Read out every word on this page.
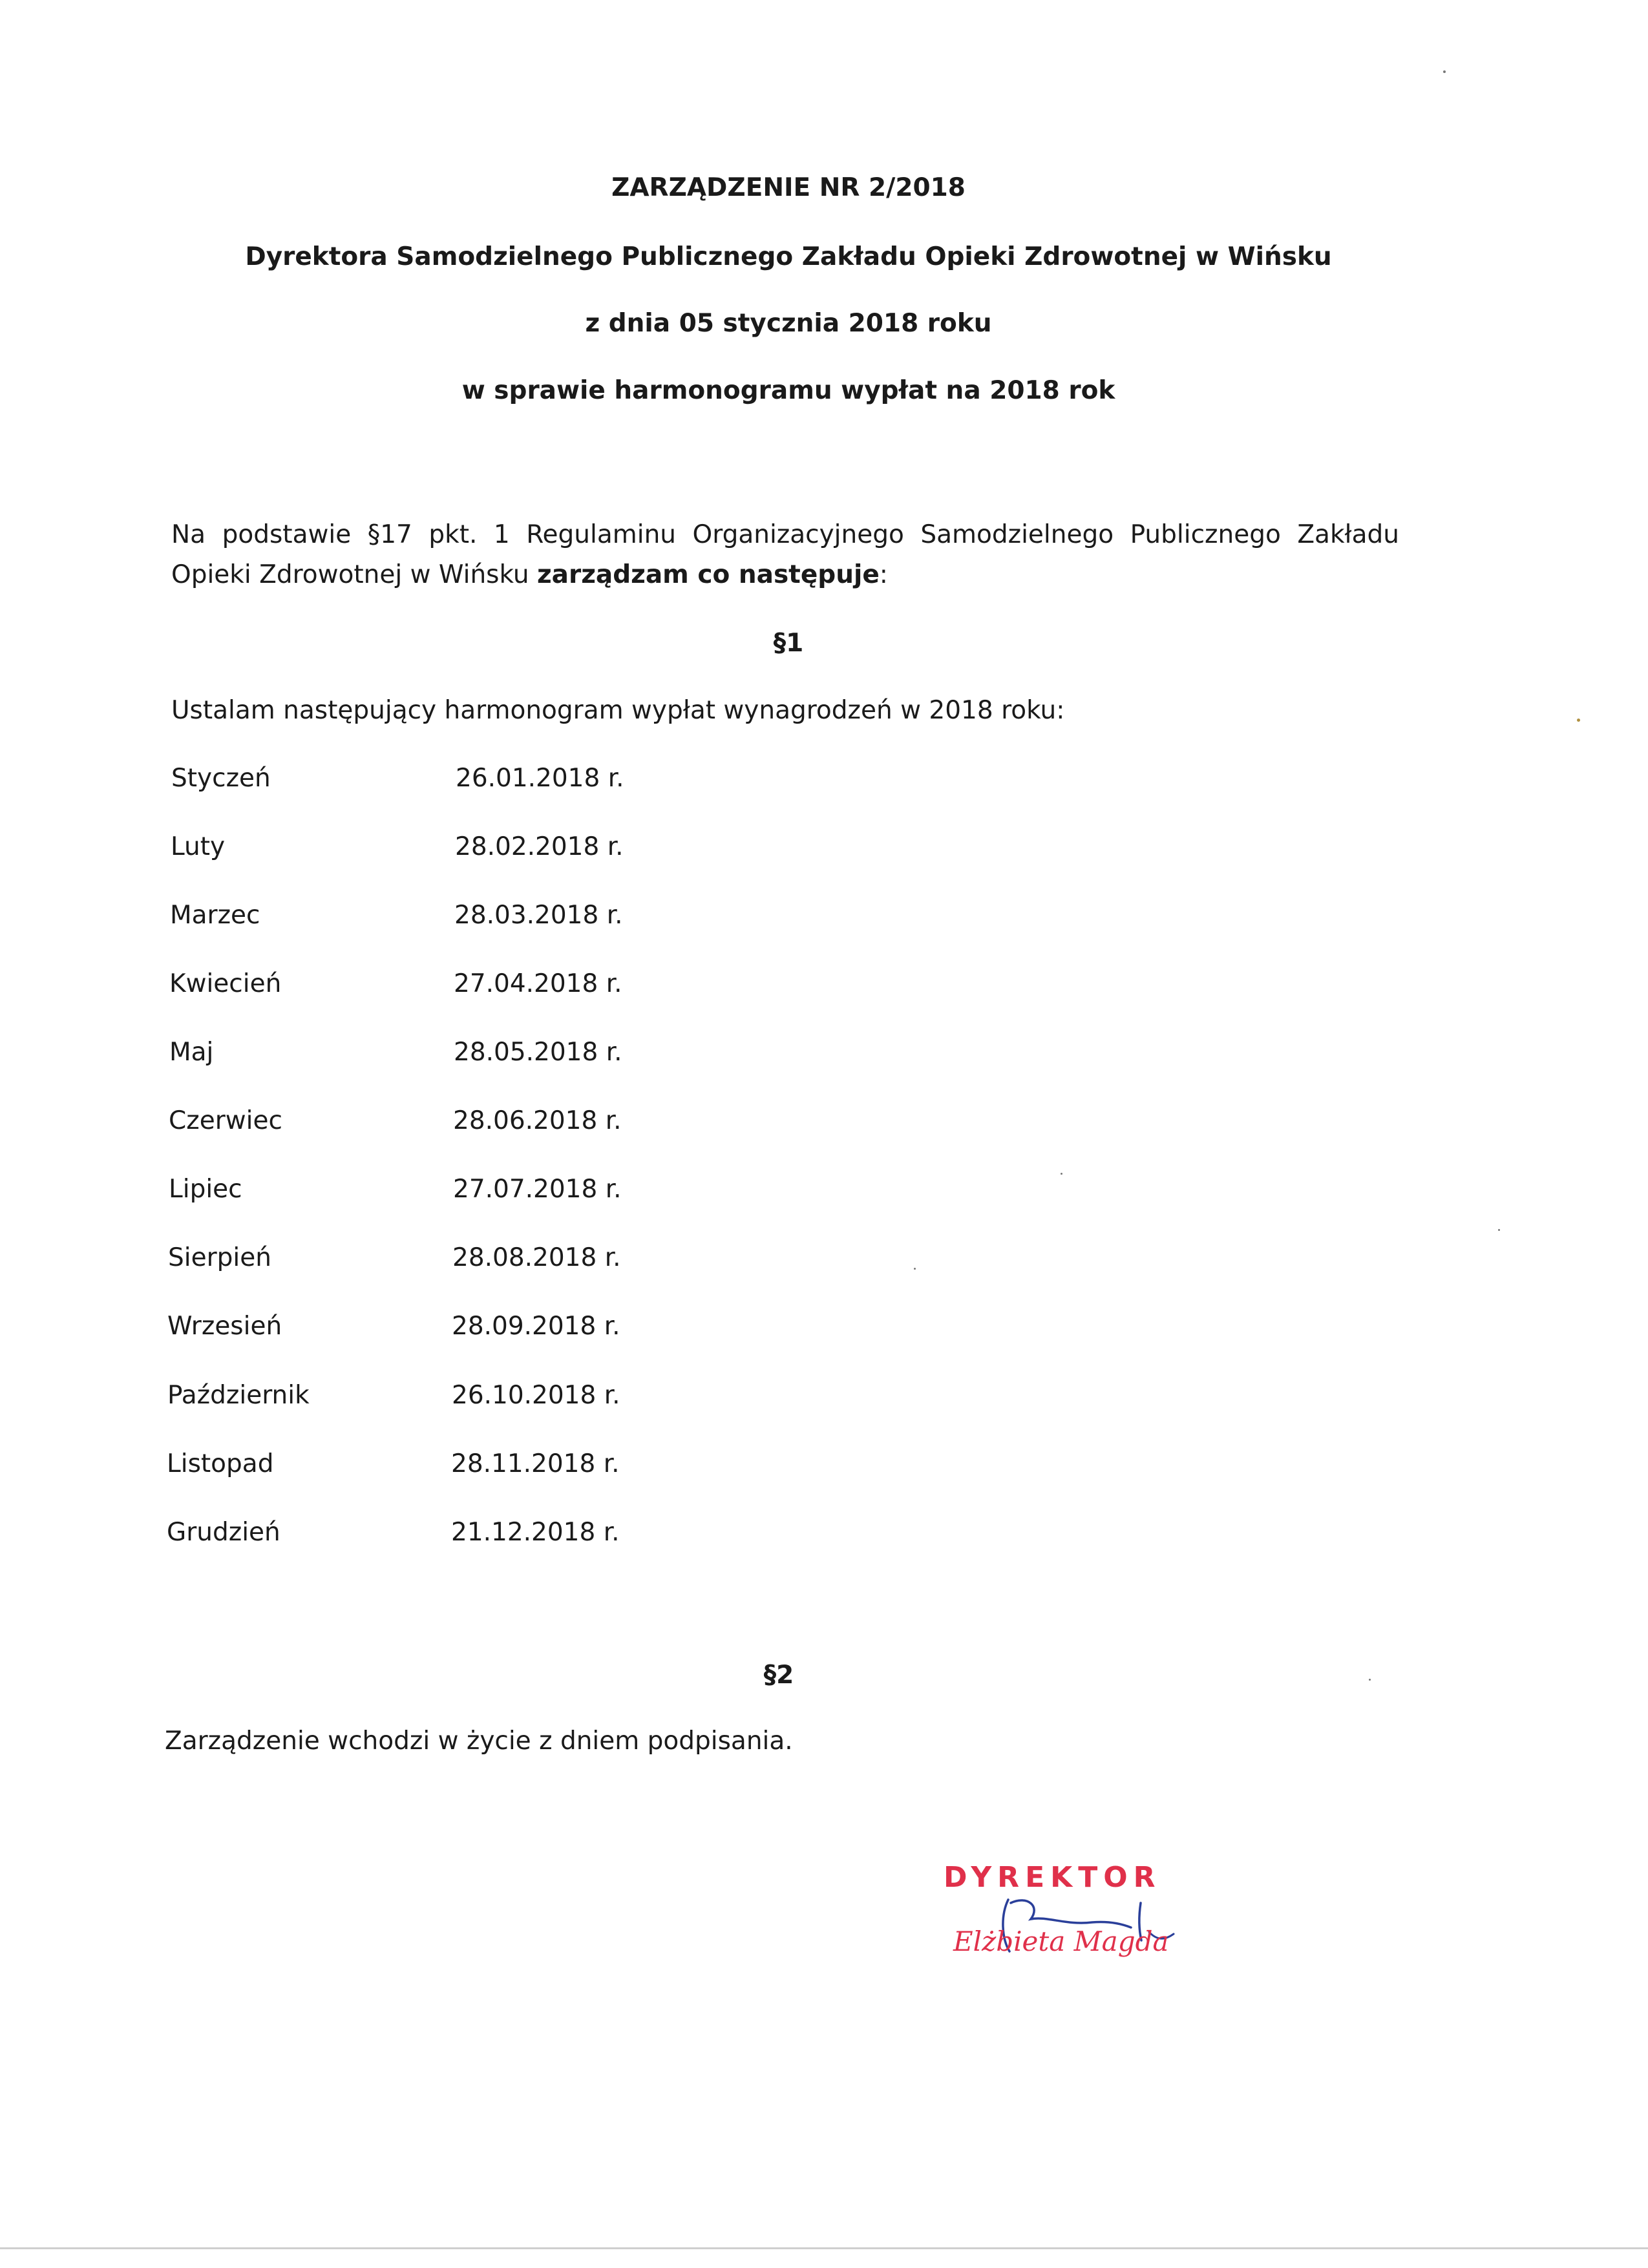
ZARZĄDZENIE NR 2/2018
Dyrektora Samodzielnego Publicznego Zakładu Opieki Zdrowotnej w Wińsku
z dnia 05 stycznia 2018 roku
w sprawie harmonogramu wypłat na 2018 rok
Na podstawie §17 pkt. 1 Regulaminu Organizacyjnego Samodzielnego Publicznego Zakładu Opieki Zdrowotnej w Wińsku zarządzam co następuje:
§1
Ustalam następujący harmonogram wypłat wynagrodzeń w 2018 roku:
Styczeń	26.01.2018 r.
Luty	28.02.2018 r.
Marzec	28.03.2018 r.
Kwiecień	27.04.2018 r.
Maj	28.05.2018 r.
Czerwiec	28.06.2018 r.
Lipiec	27.07.2018 r.
Sierpień	28.08.2018 r.
Wrzesień	28.09.2018 r.
Październik	26.10.2018 r.
Listopad	28.11.2018 r.
Grudzień	21.12.2018 r.
§2
Zarządzenie wchodzi w życie z dniem podpisania.
DYREKTOR
Elżbieta Magda
